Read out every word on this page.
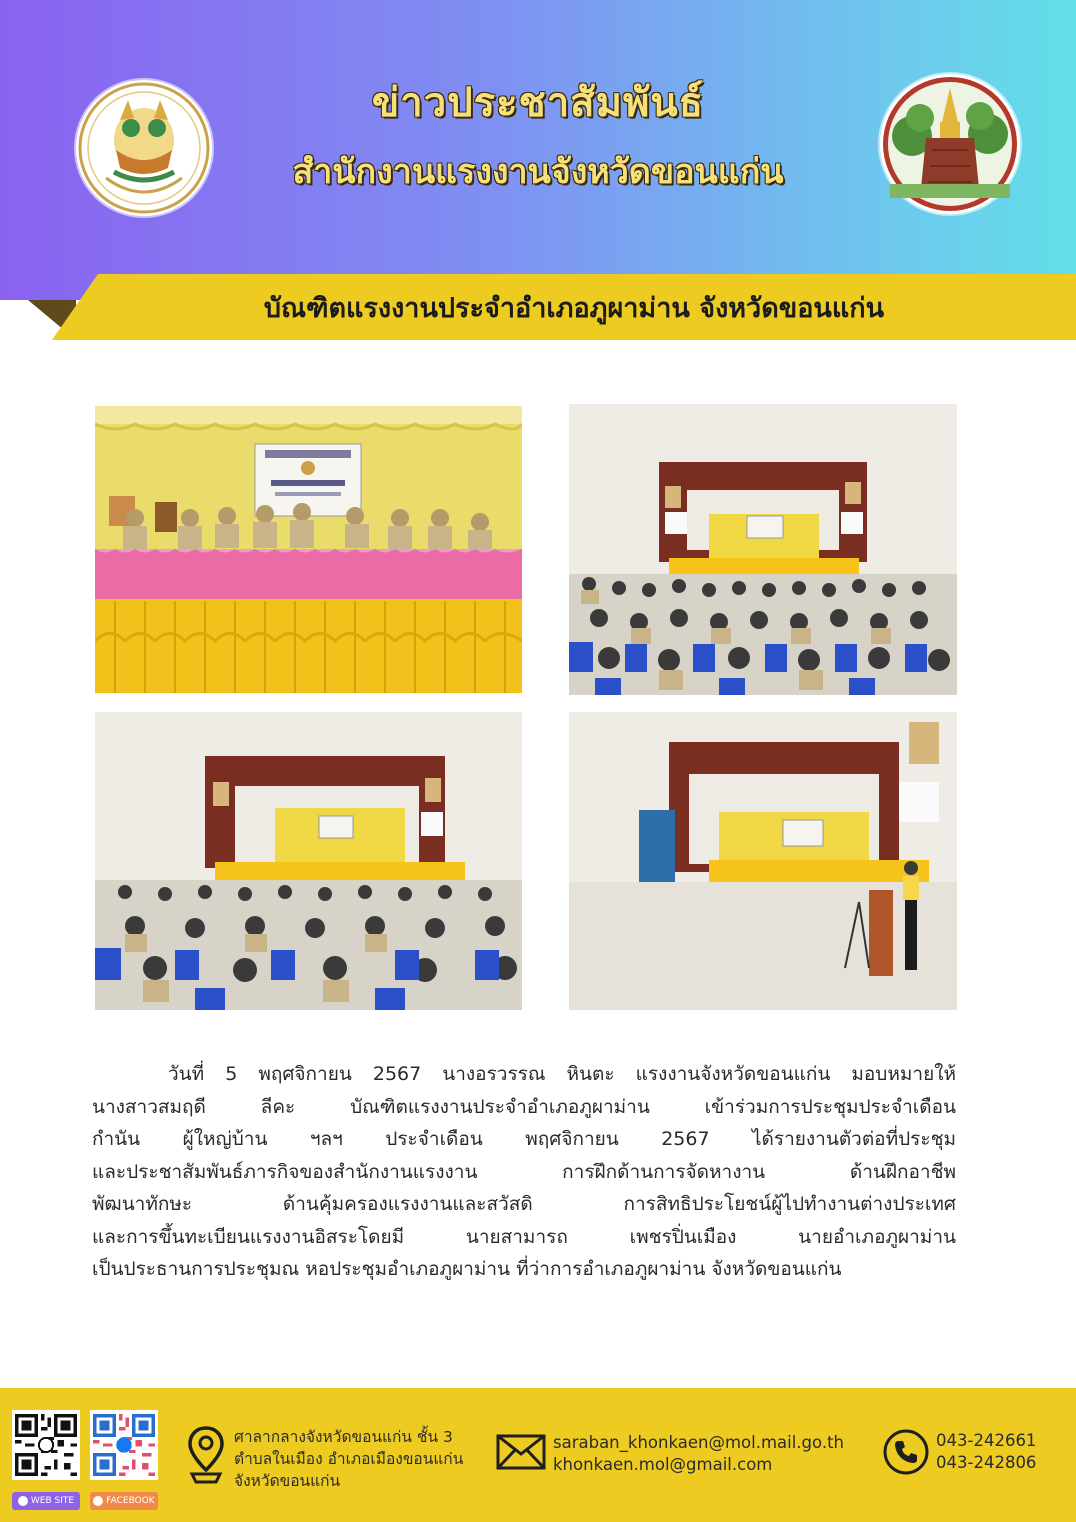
ข่าวประชาสัมพันธ์
สำนักงานแรงงานจังหวัดขอนแก่น
บัณฑิตแรงงานประจำอำเภอภูผาม่าน จังหวัดขอนแก่น

วันที่ 5 พฤศจิกายน 2567 นางอรวรรณ หินตะ แรงงานจังหวัดขอนแก่น มอบหมายให้

นางสาวสมฤดี ลีคะ บัณฑิตแรงงานประจำอำเภอภูผาม่าน เข้าร่วมการประชุมประจำเดือน

กำนัน ผู้ใหญ่บ้าน ฯลฯ ประจำเดือน พฤศจิกายน 2567 ได้รายงานตัวต่อที่ประชุม

และประชาสัมพันธ์ภารกิจของสำนักงานแรงงาน การฝึกด้านการจัดหางาน ด้านฝึกอาชีพ

พัฒนาทักษะ ด้านคุ้มครองแรงงานและสวัสดิ การสิทธิประโยชน์ผู้ไปทำงานต่างประเทศ

และการขึ้นทะเบียนแรงงานอิสระโดยมี นายสามารถ เพชรปิ่นเมือง นายอำเภอภูผาม่าน

เป็นประธานการประชุมณ หอประชุมอำเภอภูผาม่าน ที่ว่าการอำเภอภูผาม่าน จังหวัดขอนแก่น

WEB SITE	FACEBOOK
ศาลากลางจังหวัดขอนแก่น ชั้น 3
ตำบลในเมือง อำเภอเมืองขอนแก่น
จังหวัดขอนแก่น
saraban_khonkaen@mol.mail.go.th
khonkaen.mol@gmail.com
043-242661
043-242806
